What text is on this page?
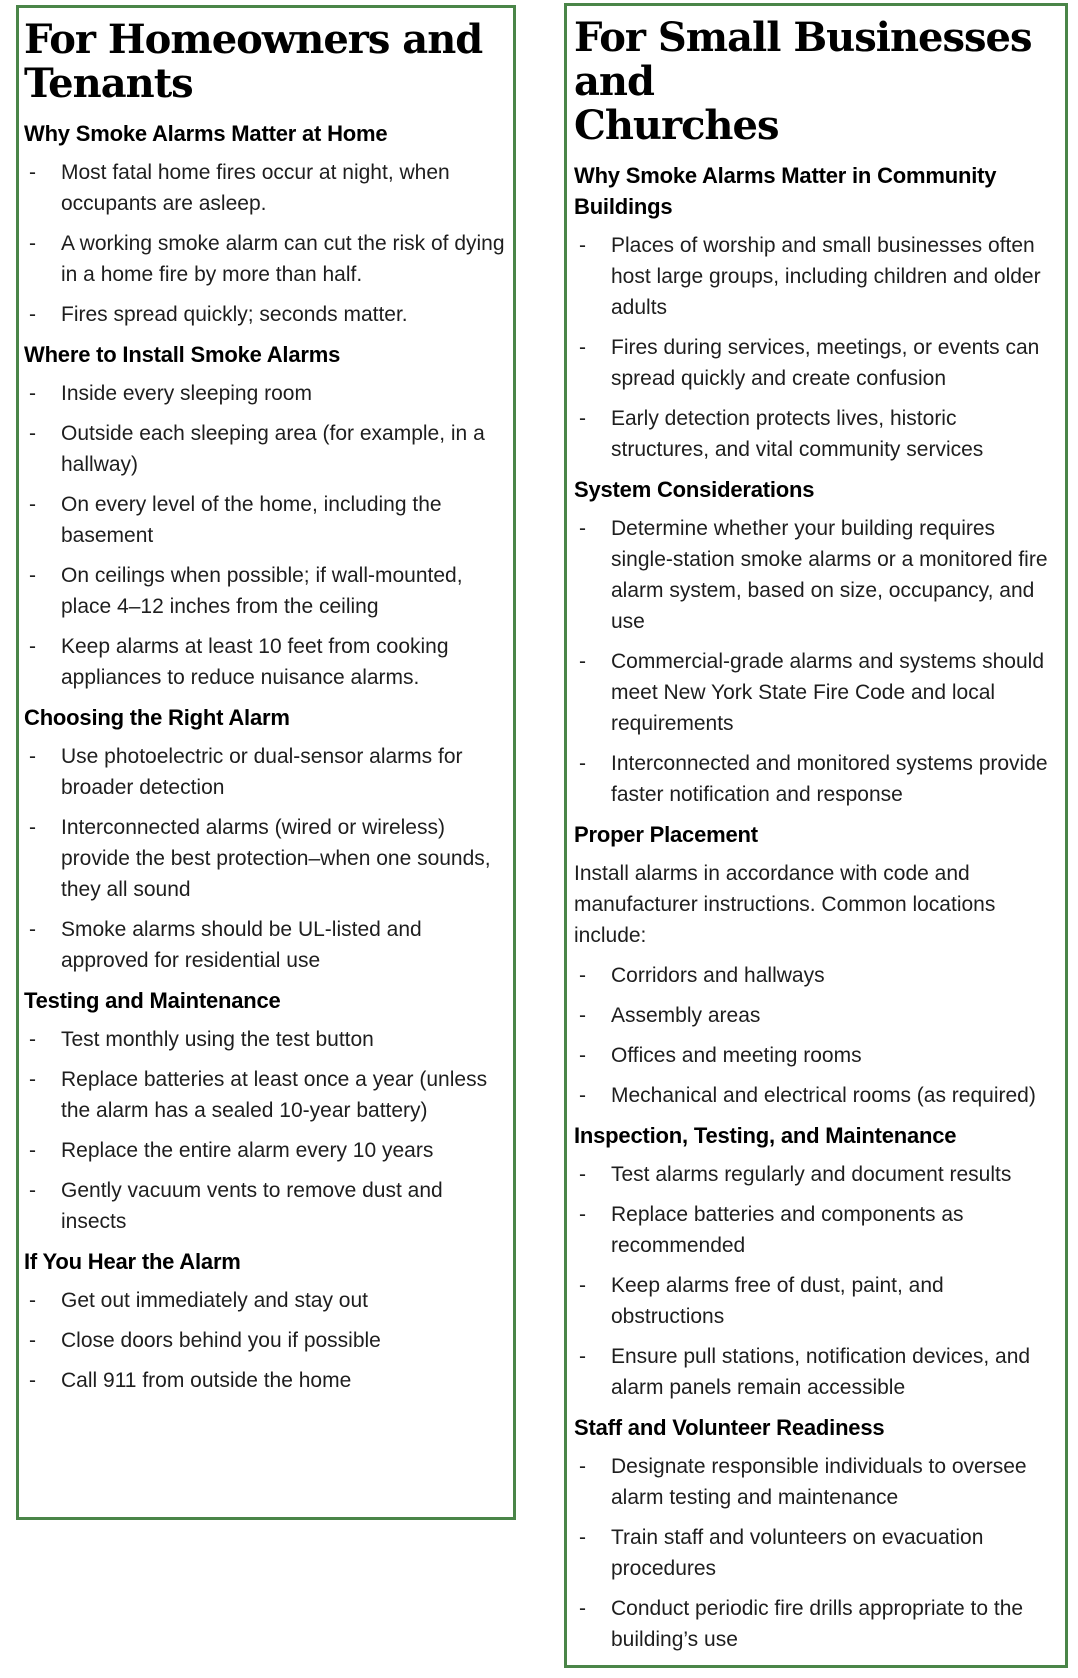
For Homeowners and
Tenants
Why Smoke Alarms Matter at Home
-	Most fatal home fires occur at night, when occupants are asleep.
-	A working smoke alarm can cut the risk of dying in a home fire by more than half.
-	Fires spread quickly; seconds matter.
Where to Install Smoke Alarms
-	Inside every sleeping room
-	Outside each sleeping area (for example, in a hallway)
-	On every level of the home, including the basement
-	On ceilings when possible; if wall-mounted, place 4–12 inches from the ceiling
-	Keep alarms at least 10 feet from cooking appliances to reduce nuisance alarms.
Choosing the Right Alarm
-	Use photoelectric or dual-sensor alarms for broader detection
-	Interconnected alarms (wired or wireless) provide the best protection–when one sounds, they all sound
-	Smoke alarms should be UL-listed and approved for residential use
Testing and Maintenance
-	Test monthly using the test button
-	Replace batteries at least once a year (unless the alarm has a sealed 10-year battery)
-	Replace the entire alarm every 10 years
-	Gently vacuum vents to remove dust and insects
If You Hear the Alarm
-	Get out immediately and stay out
-	Close doors behind you if possible
-	Call 911 from outside the home
For Small Businesses and
Churches
Why Smoke Alarms Matter in Community Buildings
-	Places of worship and small businesses often host large groups, including children and older adults
-	Fires during services, meetings, or events can spread quickly and create confusion
-	Early detection protects lives, historic structures, and vital community services
System Considerations
-	Determine whether your building requires single-station smoke alarms or a monitored fire alarm system, based on size, occupancy, and use
-	Commercial-grade alarms and systems should meet New York State Fire Code and local requirements
-	Interconnected and monitored systems provide faster notification and response
Proper Placement

Install alarms in accordance with code and manufacturer instructions. Common locations include:

-	Corridors and hallways
-	Assembly areas
-	Offices and meeting rooms
-	Mechanical and electrical rooms (as required)
Inspection, Testing, and Maintenance
-	Test alarms regularly and document results
-	Replace batteries and components as recommended
-	Keep alarms free of dust, paint, and obstructions
-	Ensure pull stations, notification devices, and alarm panels remain accessible
Staff and Volunteer Readiness
-	Designate responsible individuals to oversee alarm testing and maintenance
-	Train staff and volunteers on evacuation procedures
-	Conduct periodic fire drills appropriate to the building’s use
